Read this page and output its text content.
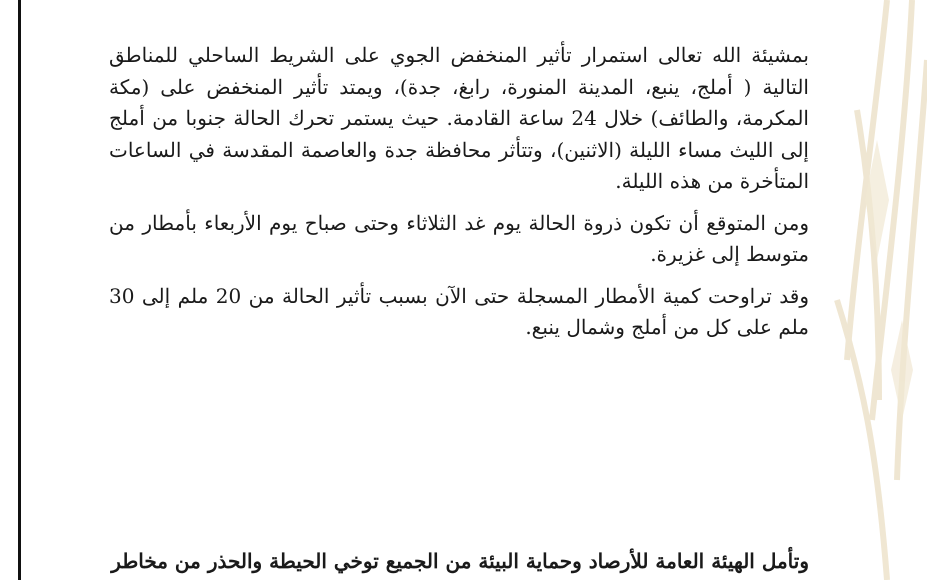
بمشيئة الله تعالى استمرار تأثير المنخفض الجوي على الشريط الساحلي للمناطق التالية ( أملج، ينبع، المدينة المنورة، رابغ، جدة)، ويمتد تأثير المنخفض على (مكة المكرمة، والطائف) خلال 24 ساعة القادمة. حيث يستمر تحرك الحالة جنوبا من أملج إلى الليث مساء الليلة (الاثنين)، وتتأثر محافظة جدة والعاصمة المقدسة في الساعات المتأخرة من هذه الليلة.

ومن المتوقع أن تكون ذروة الحالة يوم غد الثلاثاء وحتى صباح يوم الأربعاء بأمطار من متوسط إلى غزيرة.

وقد تراوحت كمية الأمطار المسجلة حتى الآن بسبب تأثير الحالة من 20 ملم إلى 30 ملم على كل من أملج وشمال ينبع.

وتأمل الهيئة العامة للأرصاد وحماية البيئة من الجميع توخي الحيطة والحذر من مخاطر
